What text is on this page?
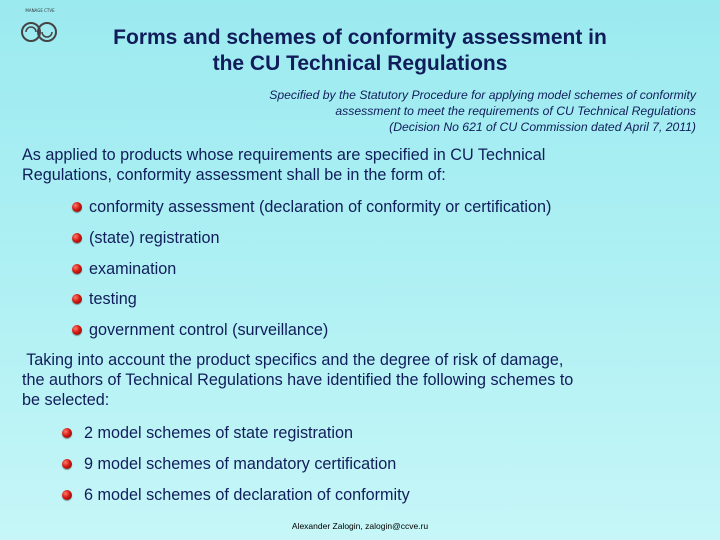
MANAGE CTVE
Forms and schemes of conformity assessment in
the CU Technical Regulations
Specified by the Statutory Procedure for applying model schemes of conformity
assessment to meet the requirements of CU Technical Regulations
(Decision No 621 of CU Commission dated April 7, 2011)
As applied to products whose requirements are specified in CU Technical
Regulations, conformity assessment shall be in the form of:
conformity assessment (declaration of conformity or certification)
(state) registration
examination
testing
government control (surveillance)
Taking into account the product specifics and the degree of risk of damage,
the authors of Technical Regulations have identified the following schemes to
be selected:
2 model schemes of state registration
9 model schemes of mandatory certification
6 model schemes of declaration of conformity
Alexander Zalogin, zalogin@ccve.ru
